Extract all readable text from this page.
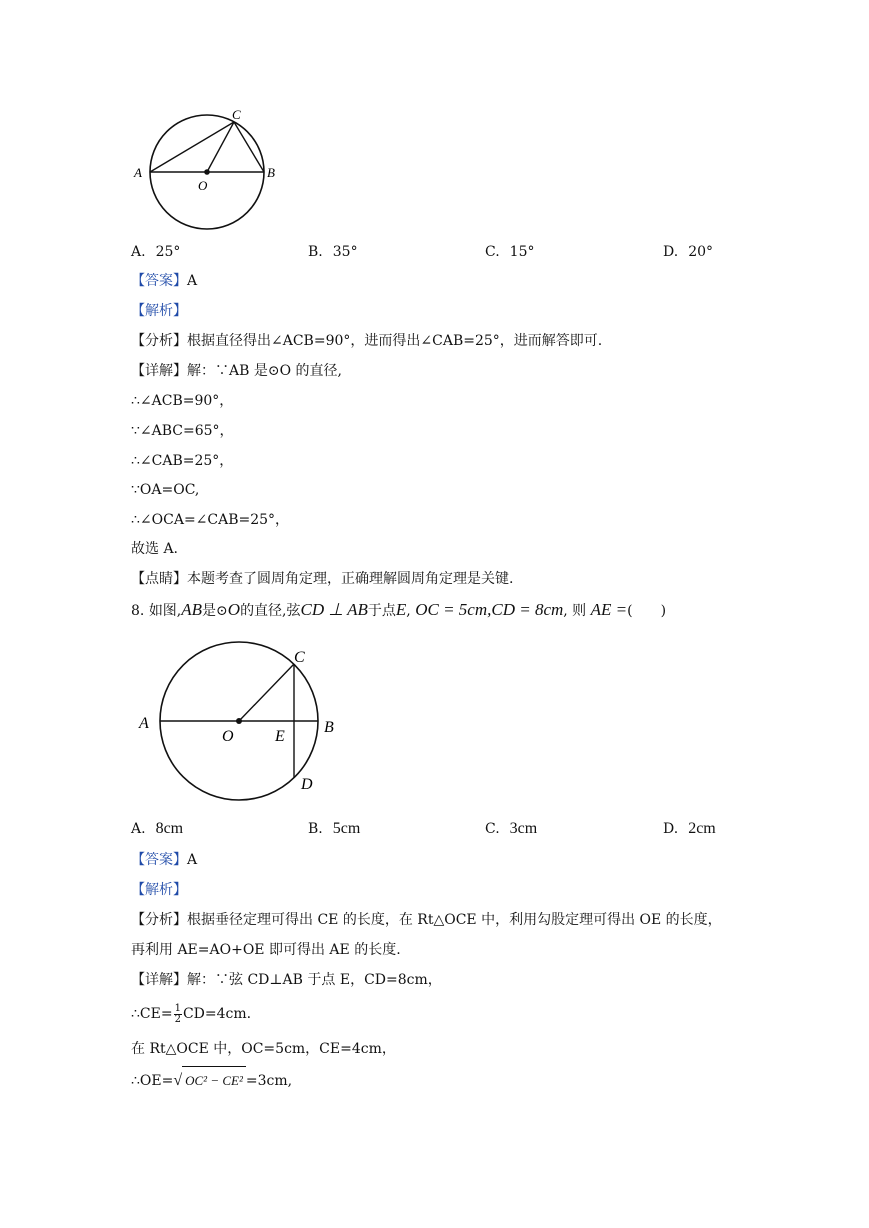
C
A	B
O
A. 25°	B. 35°	C. 15°	D. 20°
【答案】A
【解析】
【分析】根据直径得出∠ACB=90°，进而得出∠CAB=25°，进而解答即可.
【详解】解：∵AB 是⊙O 的直径,
∴∠ACB=90°，
∵∠ABC=65°，
∴∠CAB=25°，
∵OA=OC,
∴∠OCA=∠CAB=25°，
故选 A.
【点睛】本题考查了圆周角定理，正确理解圆周角定理是关键.
8. 如图,AB是⊙O的直径,弦CD ⊥ AB于点E, OC = 5cm,CD = 8cm, 则 AE =(　　)
C
A	B
O	E
D
A. 8cm	B. 5cm	C. 3cm	D. 2cm
【答案】A
【解析】
【分析】根据垂径定理可得出 CE 的长度，在 Rt△OCE 中，利用勾股定理可得出 OE 的长度，
再利用 AE=AO+OE 即可得出 AE 的长度.
【详解】解：∵弦 CD⊥AB 于点 E，CD=8cm，
∴CE= $\frac{1}{2} CD=4cm$.
在 Rt△OCE 中，OC=5cm，CE=4cm，
∴OE=√ OC² − CE² =3cm,
